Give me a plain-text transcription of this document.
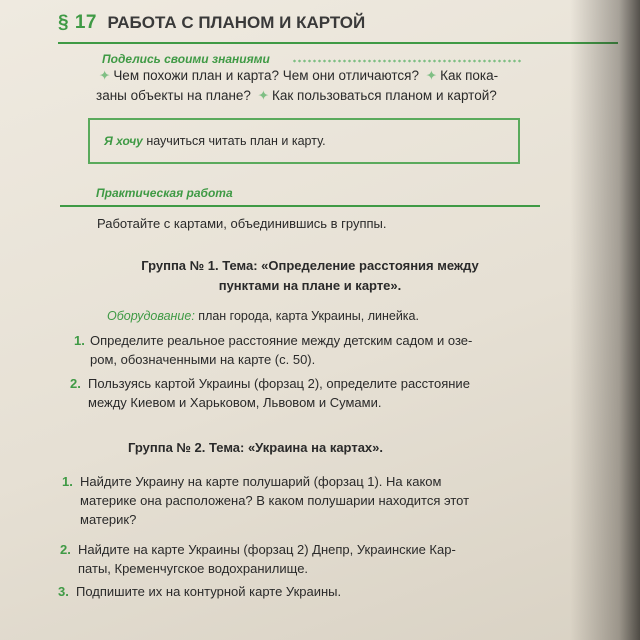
§ 17 РАБОТА С ПЛАНОМ И КАРТОЙ
Поделись своими знаниями
✦ Чем похожи план и карта? Чем они отличаются? ✦ Как пока-
заны объекты на плане? ✦ Как пользоваться планом и картой?
Я хочу научиться читать план и карту.
Практическая работа
Работайте с картами, объединившись в группы.
Группа № 1. Тема: «Определение расстояния между
пунктами на плане и карте».
Оборудование: план города, карта Украины, линейка.
1. Определите реальное расстояние между детским садом и озе-
ром, обозначенными на карте (с. 50).
2. Пользуясь картой Украины (форзац 2), определите расстояние
между Киевом и Харьковом, Львовом и Сумами.
Группа № 2. Тема: «Украина на картах».
1. Найдите Украину на карте полушарий (форзац 1). На каком
материке она расположена? В каком полушарии находится этот
материк?
2. Найдите на карте Украины (форзац 2) Днепр, Украинские Кар-
паты, Кременчугское водохранилище.
3. Подпишите их на контурной карте Украины.
